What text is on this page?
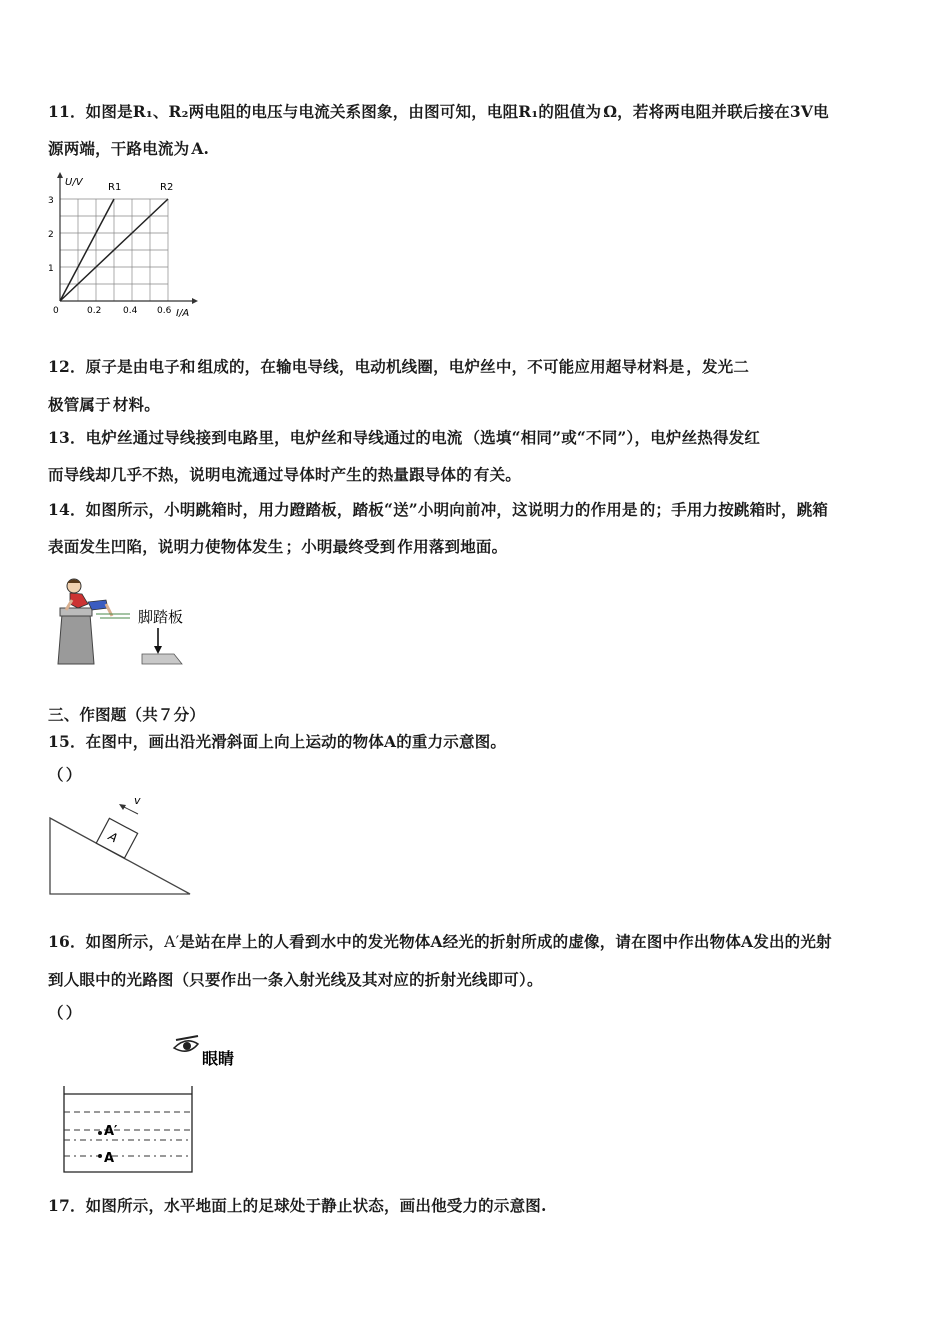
11．如图是R₁、R₂两电阻的电压与电流关系图象，由图可知，电阻R₁的阻值为 Ω，若将两电阻并联后接在3V电
源两端，干路电流为 A.
U/V
I/A
R1	R2
1
2
3
0	0.2 0.4 0.6
12．原子是由电子和 组成的，在输电导线，电动机线圈，电炉丝中，不可能应用超导材料是 ，发光二
极管属于 材料。
13．电炉丝通过导线接到电路里，电炉丝和导线通过的电流 （选填“相同”或“不同”），电炉丝热得发红
而导线却几乎不热，说明电流通过导体时产生的热量跟导体的 有关。
14．如图所示，小明跳箱时，用力蹬踏板，踏板“送”小明向前冲，这说明力的作用是 的；手用力按跳箱时，跳箱
表面发生凹陷，说明力使物体发生 ；小明最终受到 作用落到地面。
脚踏板
三、作图题（共７分）
15．在图中，画出沿光滑斜面上向上运动的物体A的重力示意图。
（ ）
A
v
16．如图所示，A′是站在岸上的人看到水中的发光物体A经光的折射所成的虚像，请在图中作出物体A发出的光射
到人眼中的光路图（只要作出一条入射光线及其对应的折射光线即可）。
（ ）
眼睛
A′
A
17．如图所示，水平地面上的足球处于静止状态，画出他受力的示意图.
